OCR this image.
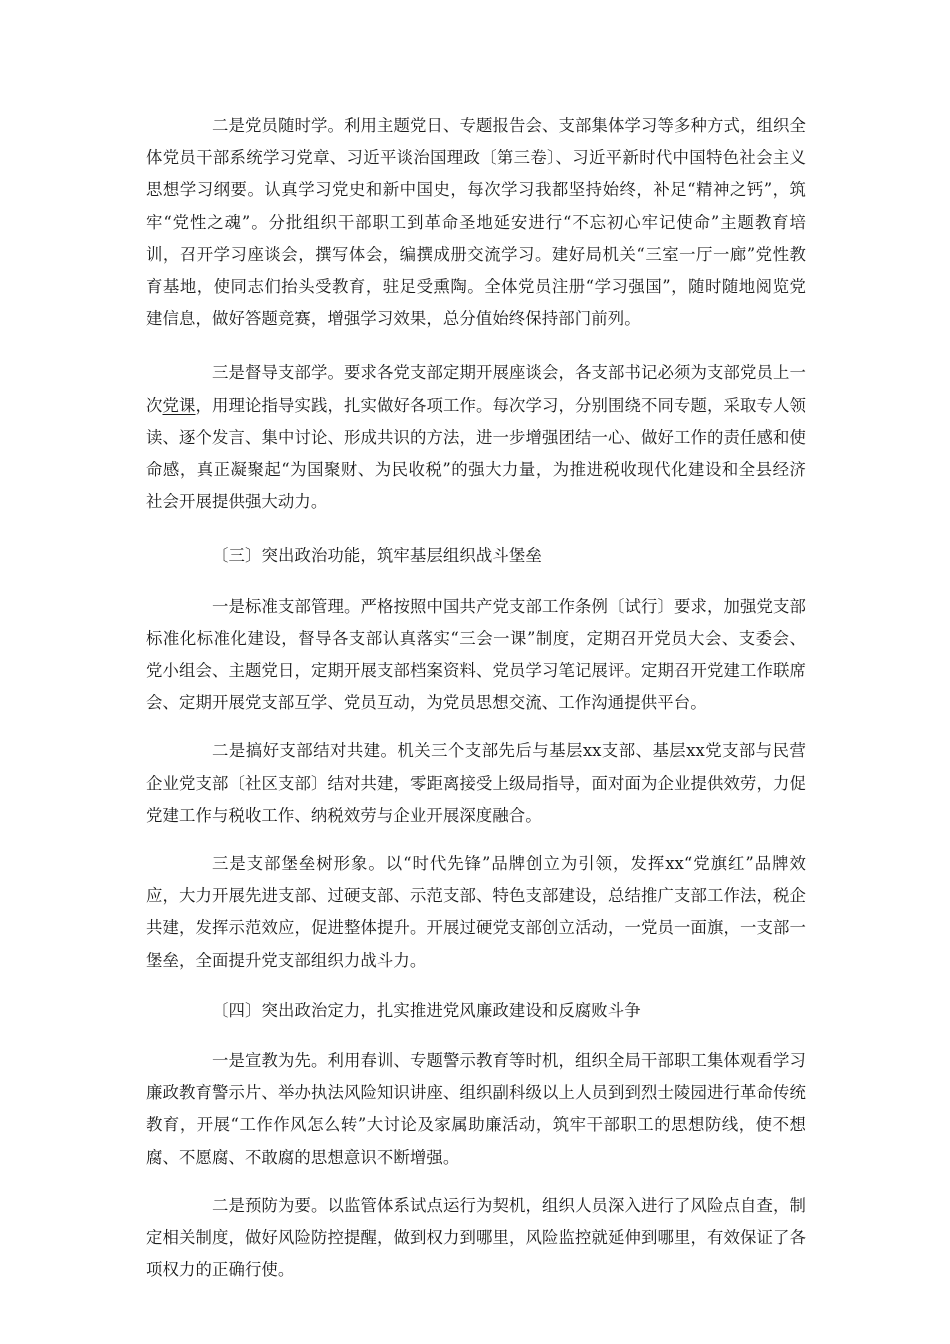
二是党员随时学。利用主题党日、专题报告会、支部集体学习等多种方式，组织全体党员干部系统学习党章、习近平谈治国理政〔第三卷〕、习近平新时代中国特色社会主义思想学习纲要。认真学习党史和新中国史，每次学习我都坚持始终，补足“精神之钙”，筑牢“党性之魂”。分批组织干部职工到革命圣地延安进行“不忘初心牢记使命”主题教育培训，召开学习座谈会，撰写体会，编撰成册交流学习。建好局机关“三室一厅一廊”党性教育基地，使同志们抬头受教育，驻足受熏陶。全体党员注册“学习强国”，随时随地阅览党建信息，做好答题竞赛，增强学习效果，总分值始终保持部门前列。

三是督导支部学。要求各党支部定期开展座谈会，各支部书记必须为支部党员上一次党课，用理论指导实践，扎实做好各项工作。每次学习，分别围绕不同专题，采取专人领读、逐个发言、集中讨论、形成共识的方法，进一步增强团结一心、做好工作的责任感和使命感，真正凝聚起“为国聚财、为民收税”的强大力量，为推进税收现代化建设和全县经济社会开展提供强大动力。

〔三〕突出政治功能，筑牢基层组织战斗堡垒

一是标准支部管理。严格按照中国共产党支部工作条例〔试行〕要求，加强党支部标准化标准化建设，督导各支部认真落实“三会一课”制度，定期召开党员大会、支委会、党小组会、主题党日，定期开展支部档案资料、党员学习笔记展评。定期召开党建工作联席会、定期开展党支部互学、党员互动，为党员思想交流、工作沟通提供平台。

二是搞好支部结对共建。机关三个支部先后与基层xx支部、基层xx党支部与民营企业党支部〔社区支部〕结对共建，零距离接受上级局指导，面对面为企业提供效劳，力促党建工作与税收工作、纳税效劳与企业开展深度融合。

三是支部堡垒树形象。以“时代先锋”品牌创立为引领，发挥xx“党旗红”品牌效应，大力开展先进支部、过硬支部、示范支部、特色支部建设，总结推广支部工作法，税企共建，发挥示范效应，促进整体提升。开展过硬党支部创立活动，一党员一面旗，一支部一堡垒，全面提升党支部组织力战斗力。

〔四〕突出政治定力，扎实推进党风廉政建设和反腐败斗争

一是宣教为先。利用春训、专题警示教育等时机，组织全局干部职工集体观看学习廉政教育警示片、举办执法风险知识讲座、组织副科级以上人员到到烈士陵园进行革命传统教育，开展“工作作风怎么转”大讨论及家属助廉活动，筑牢干部职工的思想防线，使不想腐、不愿腐、不敢腐的思想意识不断增强。

二是预防为要。以监管体系试点运行为契机，组织人员深入进行了风险点自查，制定相关制度，做好风险防控提醒，做到权力到哪里，风险监控就延伸到哪里，有效保证了各项权力的正确行使。
